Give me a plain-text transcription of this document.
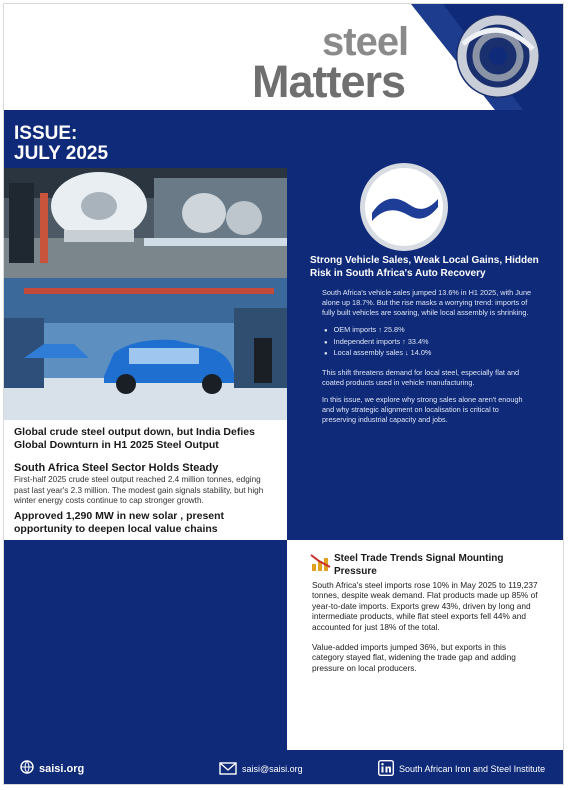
steel
Matters
ISSUE:
JULY 2025
Global crude steel output down, but India Defies Global Downturn in H1 2025 Steel Output
South Africa Steel Sector Holds Steady
First-half 2025 crude steel output reached 2.4 million tonnes, edging past last year's 2.3 million. The modest gain signals stability, but high winter energy costs continue to cap stronger growth.
Approved 1,290 MW in new solar , present opportunity to deepen local value chains
Strong Vehicle Sales, Weak Local Gains, Hidden Risk in South Africa's Auto Recovery
South Africa's vehicle sales jumped 13.6% in H1 2025, with June alone up 18.7%. But the rise masks a worrying trend: imports of fully built vehicles are soaring, while local assembly is shrinking.
● OEM imports ↑ 25.8%
● Independent imports ↑ 33.4%
● Local assembly sales ↓ 14.0%
This shift threatens demand for local steel, especially flat and coated products used in vehicle manufacturing.
In this issue, we explore why strong sales alone aren't enough and why strategic alignment on localisation is critical to preserving industrial capacity and jobs.
Steel Trade Trends Signal Mounting Pressure

South Africa's steel imports rose 10% in May 2025 to 119,237 tonnes, despite weak demand. Flat products made up 85% of year-to-date imports. Exports grew 43%, driven by long and intermediate products, while flat steel exports fell 44% and accounted for just 18% of the total.

Value-added imports jumped 36%, but exports in this category stayed flat, widening the trade gap and adding pressure on local producers.

saisi.org	saisi@saisi.org	South African Iron and Steel Institute
